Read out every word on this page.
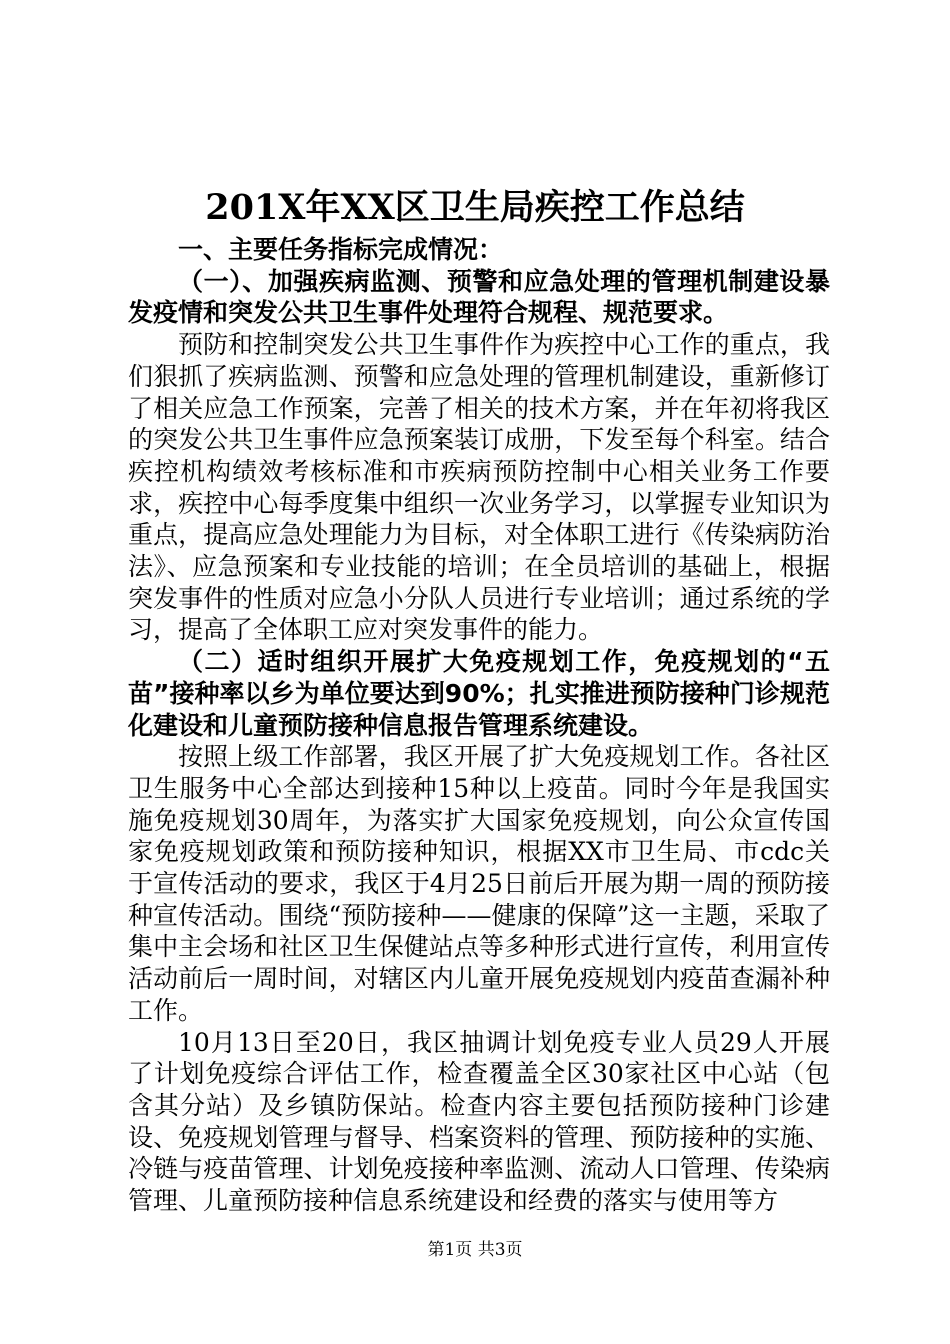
201X年XX区卫生局疾控工作总结

一、主要任务指标完成情况：

（一）、加强疾病监测、预警和应急处理的管理机制建设暴发疫情和突发公共卫生事件处理符合规程、规范要求。

预防和控制突发公共卫生事件作为疾控中心工作的重点，我们狠抓了疾病监测、预警和应急处理的管理机制建设，重新修订了相关应急工作预案，完善了相关的技术方案，并在年初将我区的突发公共卫生事件应急预案装订成册，下发至每个科室。结合疾控机构绩效考核标准和市疾病预防控制中心相关业务工作要求，疾控中心每季度集中组织一次业务学习，以掌握专业知识为重点，提高应急处理能力为目标，对全体职工进行《传染病防治法》、应急预案和专业技能的培训；在全员培训的基础上，根据突发事件的性质对应急小分队人员进行专业培训；通过系统的学习，提高了全体职工应对突发事件的能力。

（二）适时组织开展扩大免疫规划工作，免疫规划的“五苗”接种率以乡为单位要达到90%；扎实推进预防接种门诊规范化建设和儿童预防接种信息报告管理系统建设。

按照上级工作部署，我区开展了扩大免疫规划工作。各社区卫生服务中心全部达到接种15种以上疫苗。同时今年是我国实施免疫规划30周年，为落实扩大国家免疫规划，向公众宣传国家免疫规划政策和预防接种知识，根据XX市卫生局、市cdc关于宣传活动的要求，我区于4月25日前后开展为期一周的预防接种宣传活动。围绕“预防接种——健康的保障”这一主题，采取了集中主会场和社区卫生保健站点等多种形式进行宣传，利用宣传活动前后一周时间，对辖区内儿童开展免疫规划内疫苗查漏补种工作。

10月13日至20日，我区抽调计划免疫专业人员29人开展了计划免疫综合评估工作，检查覆盖全区30家社区中心站（包含其分站）及乡镇防保站。检查内容主要包括预防接种门诊建设、免疫规划管理与督导、档案资料的管理、预防接种的实施、冷链与疫苗管理、计划免疫接种率监测、流动人口管理、传染病管理、儿童预防接种信息系统建设和经费的落实与使用等方

第1页 共3页
